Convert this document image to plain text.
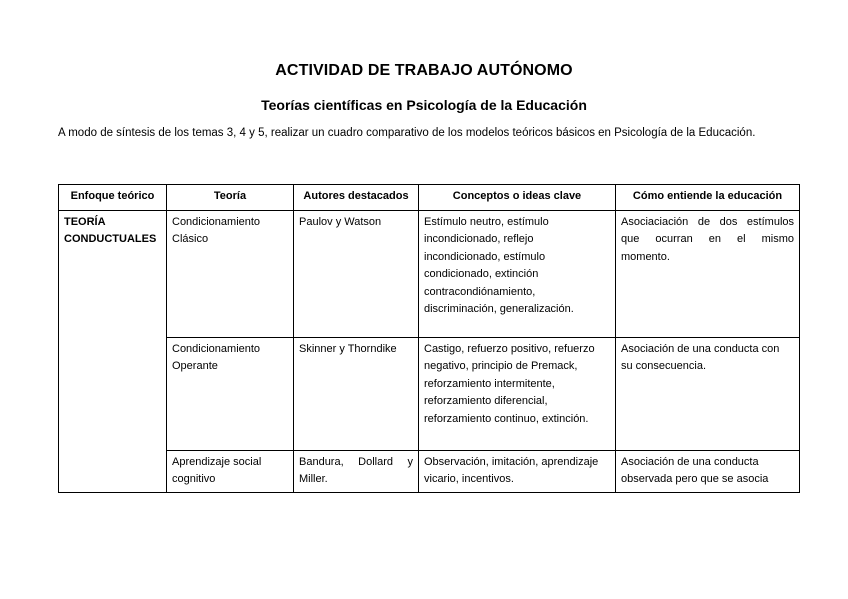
ACTIVIDAD DE TRABAJO AUTÓNOMO
Teorías científicas en Psicología de la Educación
A modo de síntesis de los temas 3, 4 y 5, realizar un cuadro comparativo de los modelos teóricos básicos en Psicología de la Educación.
Enfoque teórico	Teoría	Autores destacados	Conceptos o ideas clave	Cómo entiende la educación
TEORÍA CONDUCTUALES	Condicionamiento Clásico	Paulov y Watson	Estímulo neutro, estímulo incondicionado, reflejo incondicionado, estímulo condicionado, extinción contracondiónamiento, discriminación, generalización.	Asociaciación de dos estímulos que ocurran en el mismo momento.
	Condicionamiento Operante	Skinner y Thorndike	Castigo, refuerzo positivo, refuerzo negativo, principio de Premack, reforzamiento intermitente, reforzamiento diferencial, reforzamiento continuo, extinción.	Asociación de una conducta con su consecuencia.
	Aprendizaje social cognitivo	Bandura, Dollard y Miller.	Observación, imitación, aprendizaje vicario, incentivos.	Asociación de una conducta observada pero que se asocia
